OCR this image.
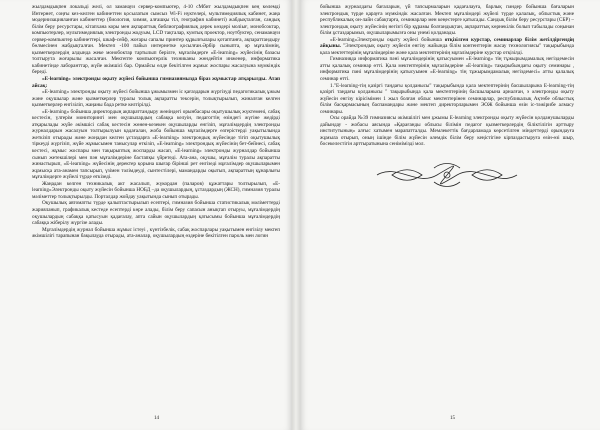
жылдамдықпен локальді желі, ол заманауи сервер-компьютер, 4-10 сМбит жылдамдықпен кең көлемді Интернет, соңғы кез-келген кабинеттен қосылатын сымсыз Wi-Fi нүктелері, мультимедиялық кабинет, жаңа модернизацияланған кабинеттер (биология, химия, алғашқы тіл, география кабинеті) жабдықталған, сандық білім беру ресурстары, кітапхана коры мен ақпараттық библиографиялық дерек көздері моліығ, монобсоктар, компьютерлер, мультимедиялық электронды жодуым, LCD тақталар, кумтық проектор, ноутбуктер, сенаманауи сервер-компьютер кабинеттері, шкаф-сейф, жоғары сапалы принтер құрылғылары қотаптанға, ақпараттандыру бөлмесінен жабдықталған. Мектеп -100 пайыз интернетке қосылған.Әрбір сыныпта, әр мұғалімнің, қызметкерлердің алдында жеке монобоктар тартылып берілге, мұғалімдерге «E-learning» жүйесінің базасы толтырута жоғарылы жасалған. Мектепте компьютерлік техниканы жөндейтін инженер, информатика кабинетінде лаборанттар, жүйе әкімшісі бар. Ормайсы өлде бекітілген жұмыс жоспары жасалуына мүмкіндік береді.

«E-learning» электронды оқыту жүйесі бойынша гимназиямызда біраз жұмыстар атқарылды. Атап айсақ:

«E-learning» электронды оқыту жүйесі бойынша ұжымызмен іс қағаздарын жүргізуді педагогикалық ұжым және оқушылар және қызметкерлер туралы толық ақпаратты тексерін, толықтырылып, жиналған келген қызметкерлер енгізіліп, жаңаны бада ретке келтірілді.

«E-learning» бойынша директордың ақпараттандыру жөніндегі орынбасары оқытушылық жүктемені, сабақ кестесін, үлгерім мониторингі мен оқушылардың сабаққа келуін, педагогтің өзіндегі жүгіне жедірді атқарылады жүйе әкімшісі сабақ кестесін жөнен-кезекен оқушыларды енгізіп, мұғалімдердің электронды журналдарын жасалуын толтырылуын қадағалан, жоба бойынша мұғалімдерге өзгерістерді уақытылында жеткізіп отырады және жоңадан келген ұстаздарға «E-learning» электрондық жүйесінде тігіп оқытушылық тіркеуді жүргізіп, жүйе жұмысымен танысулар өткізіп, «E-learning» электрондық жүйесінің бет-бейнесі, сабақ кестесі, жұмыс жоспары мен тақырыптық жоспарды жасап, «E-learning» электронды журналдар бойынша сынып жетекшілері мен пән мұғалімдеріне бастапқы үйретеді. Ата-ана, оқушы, мұғалім туралы ақпаратты жинастырып, «E-learning» жүйесінің деректер қорына шығар бірінші рет енгізеді мұғалімдер оқушыларымен жұмысқа ата-анамен тапсырып, үзімен тәлімдеуді, сынтестілері, мамандарды оқытып, ақпараттың құнарлығы мұғалімдерге жүйелі түрде өткізеді.

Жаңадан келген техникалық акт жасалып, жүкордан (паларов) құжаттары толтырылып, «E-learning»Электронды оқыту жүйесін бойынша НОБД –да оқушылардың, ұстаздардың (ЖСН), гимназия туралы мәліметтер толықтырылды. Порталдар жойдау уақытында сынып отырады.

Оқушылық автоматты түрде қалыптастырылып есептері, гимназия бойынша статистикалық мәліметтерді жарияланып, графикалық кестеде есептерді көре алады, білім беру сапасын анықтап отыруы, мұғалімдердің оқушылардың сабаққа қатысуын қадағалау, апта сайын оқушылардың қатысымы бойынша мұғалімдердің сабаққа жіберілу жүргізе алады.

Мұғалімдердің журнал бойынша жұмыс істеуі , күнтізбелік, сабақ жоспарлары уақытымен енгізілу мектеп әкімшілігі тарапынан бақылауда отырады, ата-аналар, оқушылардың өздеріне бекітілген пароль мен логин

14

бойынша журналдағы бағаларын, үй тапсырмаларын қадағалауға, барлық пәндер бойынша бағаларын электрондық түрде қарауға мүмкіндік жасалған. Мектеп мұғалімдері жүйелі түрде қалалық, облыстық және республикалық он-лайн сабақтарға, семинарлар мен кеңестерге қатысады. Сандық білім беру ресурстары (СБР) – электрондық оқыту жүйесінің негізгі бір құрамы болғандықтан, ақпараттық көрнекілік болып табылады соңынан білім ұстаздарымыз, оқушыларымызға оны үнемі қолданады.

«E-learning»Электронды оқыту жүйесі бойынша отқізілген курстар, семинарлар білім жетілдіргендің айқыны. "Электрондық оқыту жүйесін енгізу жайында білім контенттерін жасау технологиясы" тақырыбында қала мектеттерінің мұғалімдеріне және қала мектептерінің мұғалімдеріне курстар отқізілді.

Гимназияда информатика пәні мұғалімдерінің қатысуымен «E-learning» тің тұжырымдамалық негіздемесін атты қалалық семинар өтті. Қала мектептерінің мұғалімдеріне «E-learning» тақырыбындағы оқыту семинары , информатика пәні мұғалімдерінің қатысуымен «E-learning» тің тұжырымдамалық негіздемесі» атты қалалық семинар өтті.

1."E-learning-тің қазіргі таңдағы қолданысы" тақырыбында қала мектептерінің басшыларына Е-learning-тің қазіргі таңдағы қолданысы " тақырыбында қала мектептерінің басшыларына арналған, э әлектронды оқыту жүйесін енгізу кірісімімен 1 жыл болған облыс мектептерінен семинарлар, республикалық Ақтөбе облыстық білім басқармасының баспамандары және мектеп директорларымен ЭОЖ бойынша өзін іс-тәжірибе алмасу семинары.

Осы орайда №39 гимназиясы әкімшілігі мен ұжымы E-learning электронды оқыту жүйесін қолданушыларды дайындау - жобасы аясында «Қарағанды облысы білімін педагог қызметкерлердің біліктілігін арттыру институтының» алғыс хатымен марапатталды. Мемлекеттік бағдарламада көрсетілген міндеттерді орындауға жұмыла отырып, оның ішінде білім жүйесін әлемдік білім беру кеңістігіне кірпаздастыруға өзін-өзі шыр, босекелестігін арттыратынына сенімімізді мол.

15
